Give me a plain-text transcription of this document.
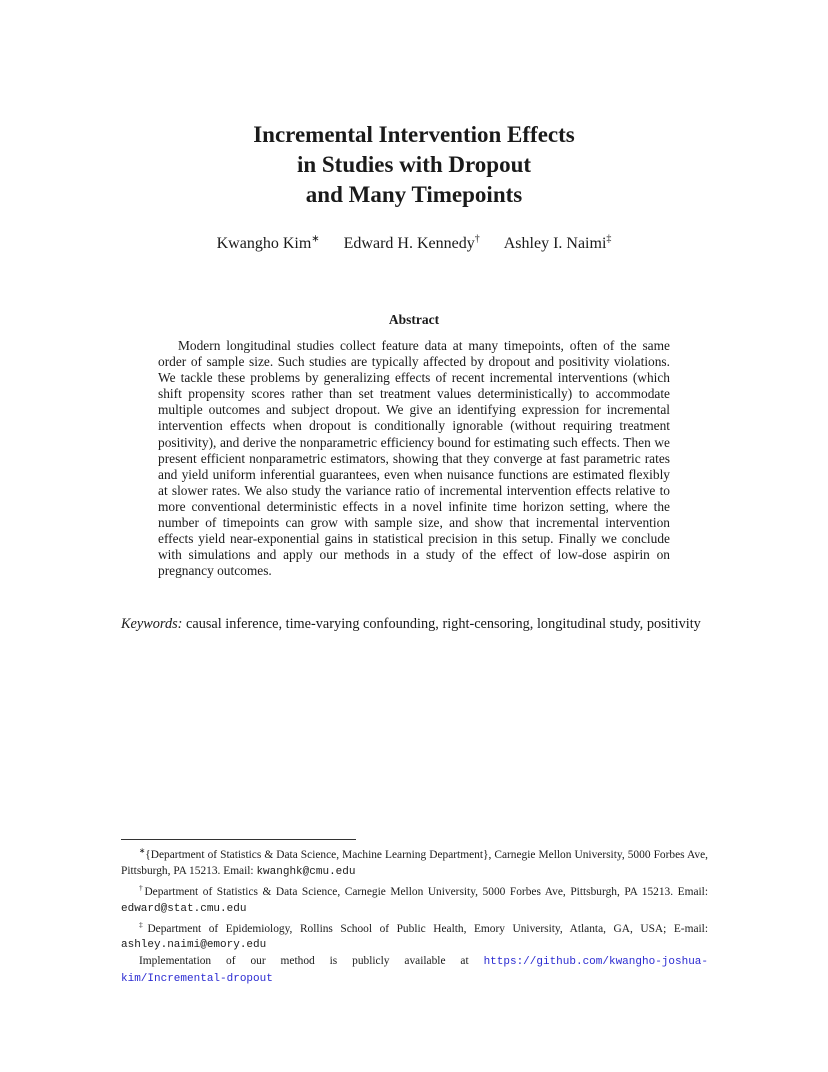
Incremental Intervention Effects
in Studies with Dropout
and Many Timepoints
Kwangho Kim∗ Edward H. Kennedy† Ashley I. Naimi‡
Abstract

Modern longitudinal studies collect feature data at many timepoints, often of the same order of sample size. Such studies are typically affected by dropout and positivity violations. We tackle these problems by generalizing effects of recent incremental interventions (which shift propensity scores rather than set treatment values deterministically) to accommodate multiple outcomes and subject dropout. We give an identifying expression for incremental intervention effects when dropout is conditionally ignorable (without requiring treatment positivity), and derive the nonparametric efficiency bound for estimating such effects. Then we present efficient nonparametric estimators, showing that they converge at fast parametric rates and yield uniform inferential guarantees, even when nuisance functions are estimated flexibly at slower rates. We also study the variance ratio of incremental intervention effects relative to more conventional deterministic effects in a novel infinite time horizon setting, where the number of timepoints can grow with sample size, and show that incremental intervention effects yield near-exponential gains in statistical precision in this setup. Finally we conclude with simulations and apply our methods in a study of the effect of low-dose aspirin on pregnancy outcomes.

Keywords: causal inference, time-varying confounding, right-censoring, longitudinal study, positivity

∗{Department of Statistics & Data Science, Machine Learning Department}, Carnegie Mellon University, 5000 Forbes Ave, Pittsburgh, PA 15213. Email: kwanghk@cmu.edu

†Department of Statistics & Data Science, Carnegie Mellon University, 5000 Forbes Ave, Pittsburgh, PA 15213. Email: edward@stat.cmu.edu

‡Department of Epidemiology, Rollins School of Public Health, Emory University, Atlanta, GA, USA; E-mail: ashley.naimi@emory.edu

Implementation of our method is publicly available at https://github.com/kwangho-joshua-kim/Incremental-dropout
